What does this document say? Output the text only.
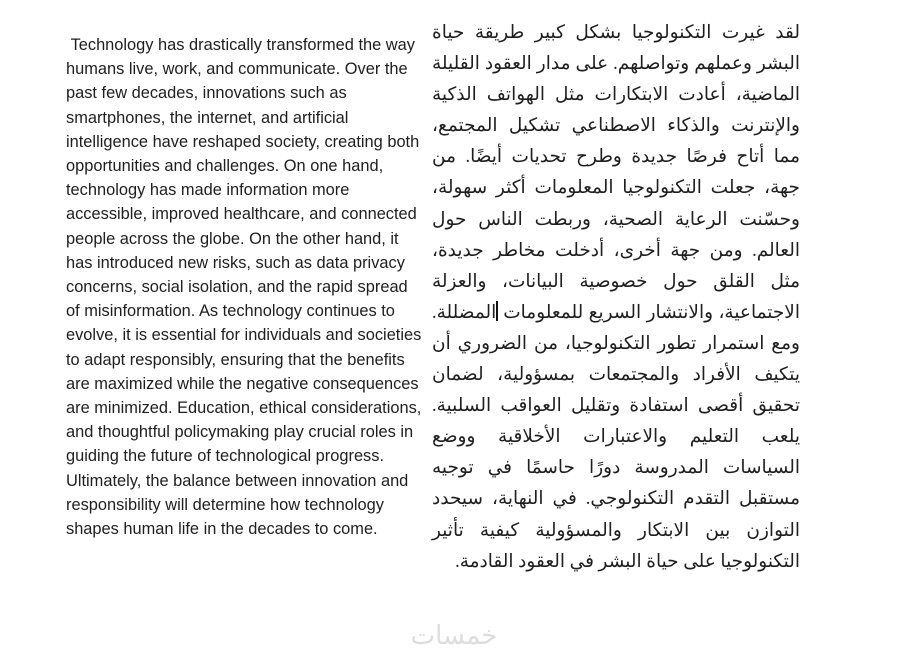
Technology has drastically transformed the way humans live, work, and communicate. Over the past few decades, innovations such as smartphones, the internet, and artificial intelligence have reshaped society, creating both opportunities and challenges. On one hand, technology has made information more accessible, improved healthcare, and connected people across the globe. On the other hand, it has introduced new risks, such as data privacy concerns, social isolation, and the rapid spread of misinformation. As technology continues to evolve, it is essential for individuals and societies to adapt responsibly, ensuring that the benefits are maximized while the negative consequences are minimized. Education, ethical considerations, and thoughtful policymaking play crucial roles in guiding the future of technological progress. Ultimately, the balance between innovation and responsibility will determine how technology shapes human life in the decades to come.

لقد غيرت التكنولوجيا بشكل كبير طريقة حياة البشر وعملهم وتواصلهم. على مدار العقود القليلة الماضية، أعادت الابتكارات مثل الهواتف الذكية والإنترنت والذكاء الاصطناعي تشكيل المجتمع، مما أتاح فرصًا جديدة وطرح تحديات أيضًا. من جهة، جعلت التكنولوجيا المعلومات أكثر سهولة، وحسّنت الرعاية الصحية، وربطت الناس حول العالم. ومن جهة أخرى، أدخلت مخاطر جديدة، مثل القلق حول خصوصية البيانات، والعزلة الاجتماعية، والانتشار السريع للمعلومات المضللة. ومع استمرار تطور التكنولوجيا، من الضروري أن يتكيف الأفراد والمجتمعات بمسؤولية، لضمان تحقيق أقصى استفادة وتقليل العواقب السلبية. يلعب التعليم والاعتبارات الأخلاقية ووضع السياسات المدروسة دورًا حاسمًا في توجيه مستقبل التقدم التكنولوجي. في النهاية، سيحدد التوازن بين الابتكار والمسؤولية كيفية تأثير التكنولوجيا على حياة البشر في العقود القادمة.

خمسات
